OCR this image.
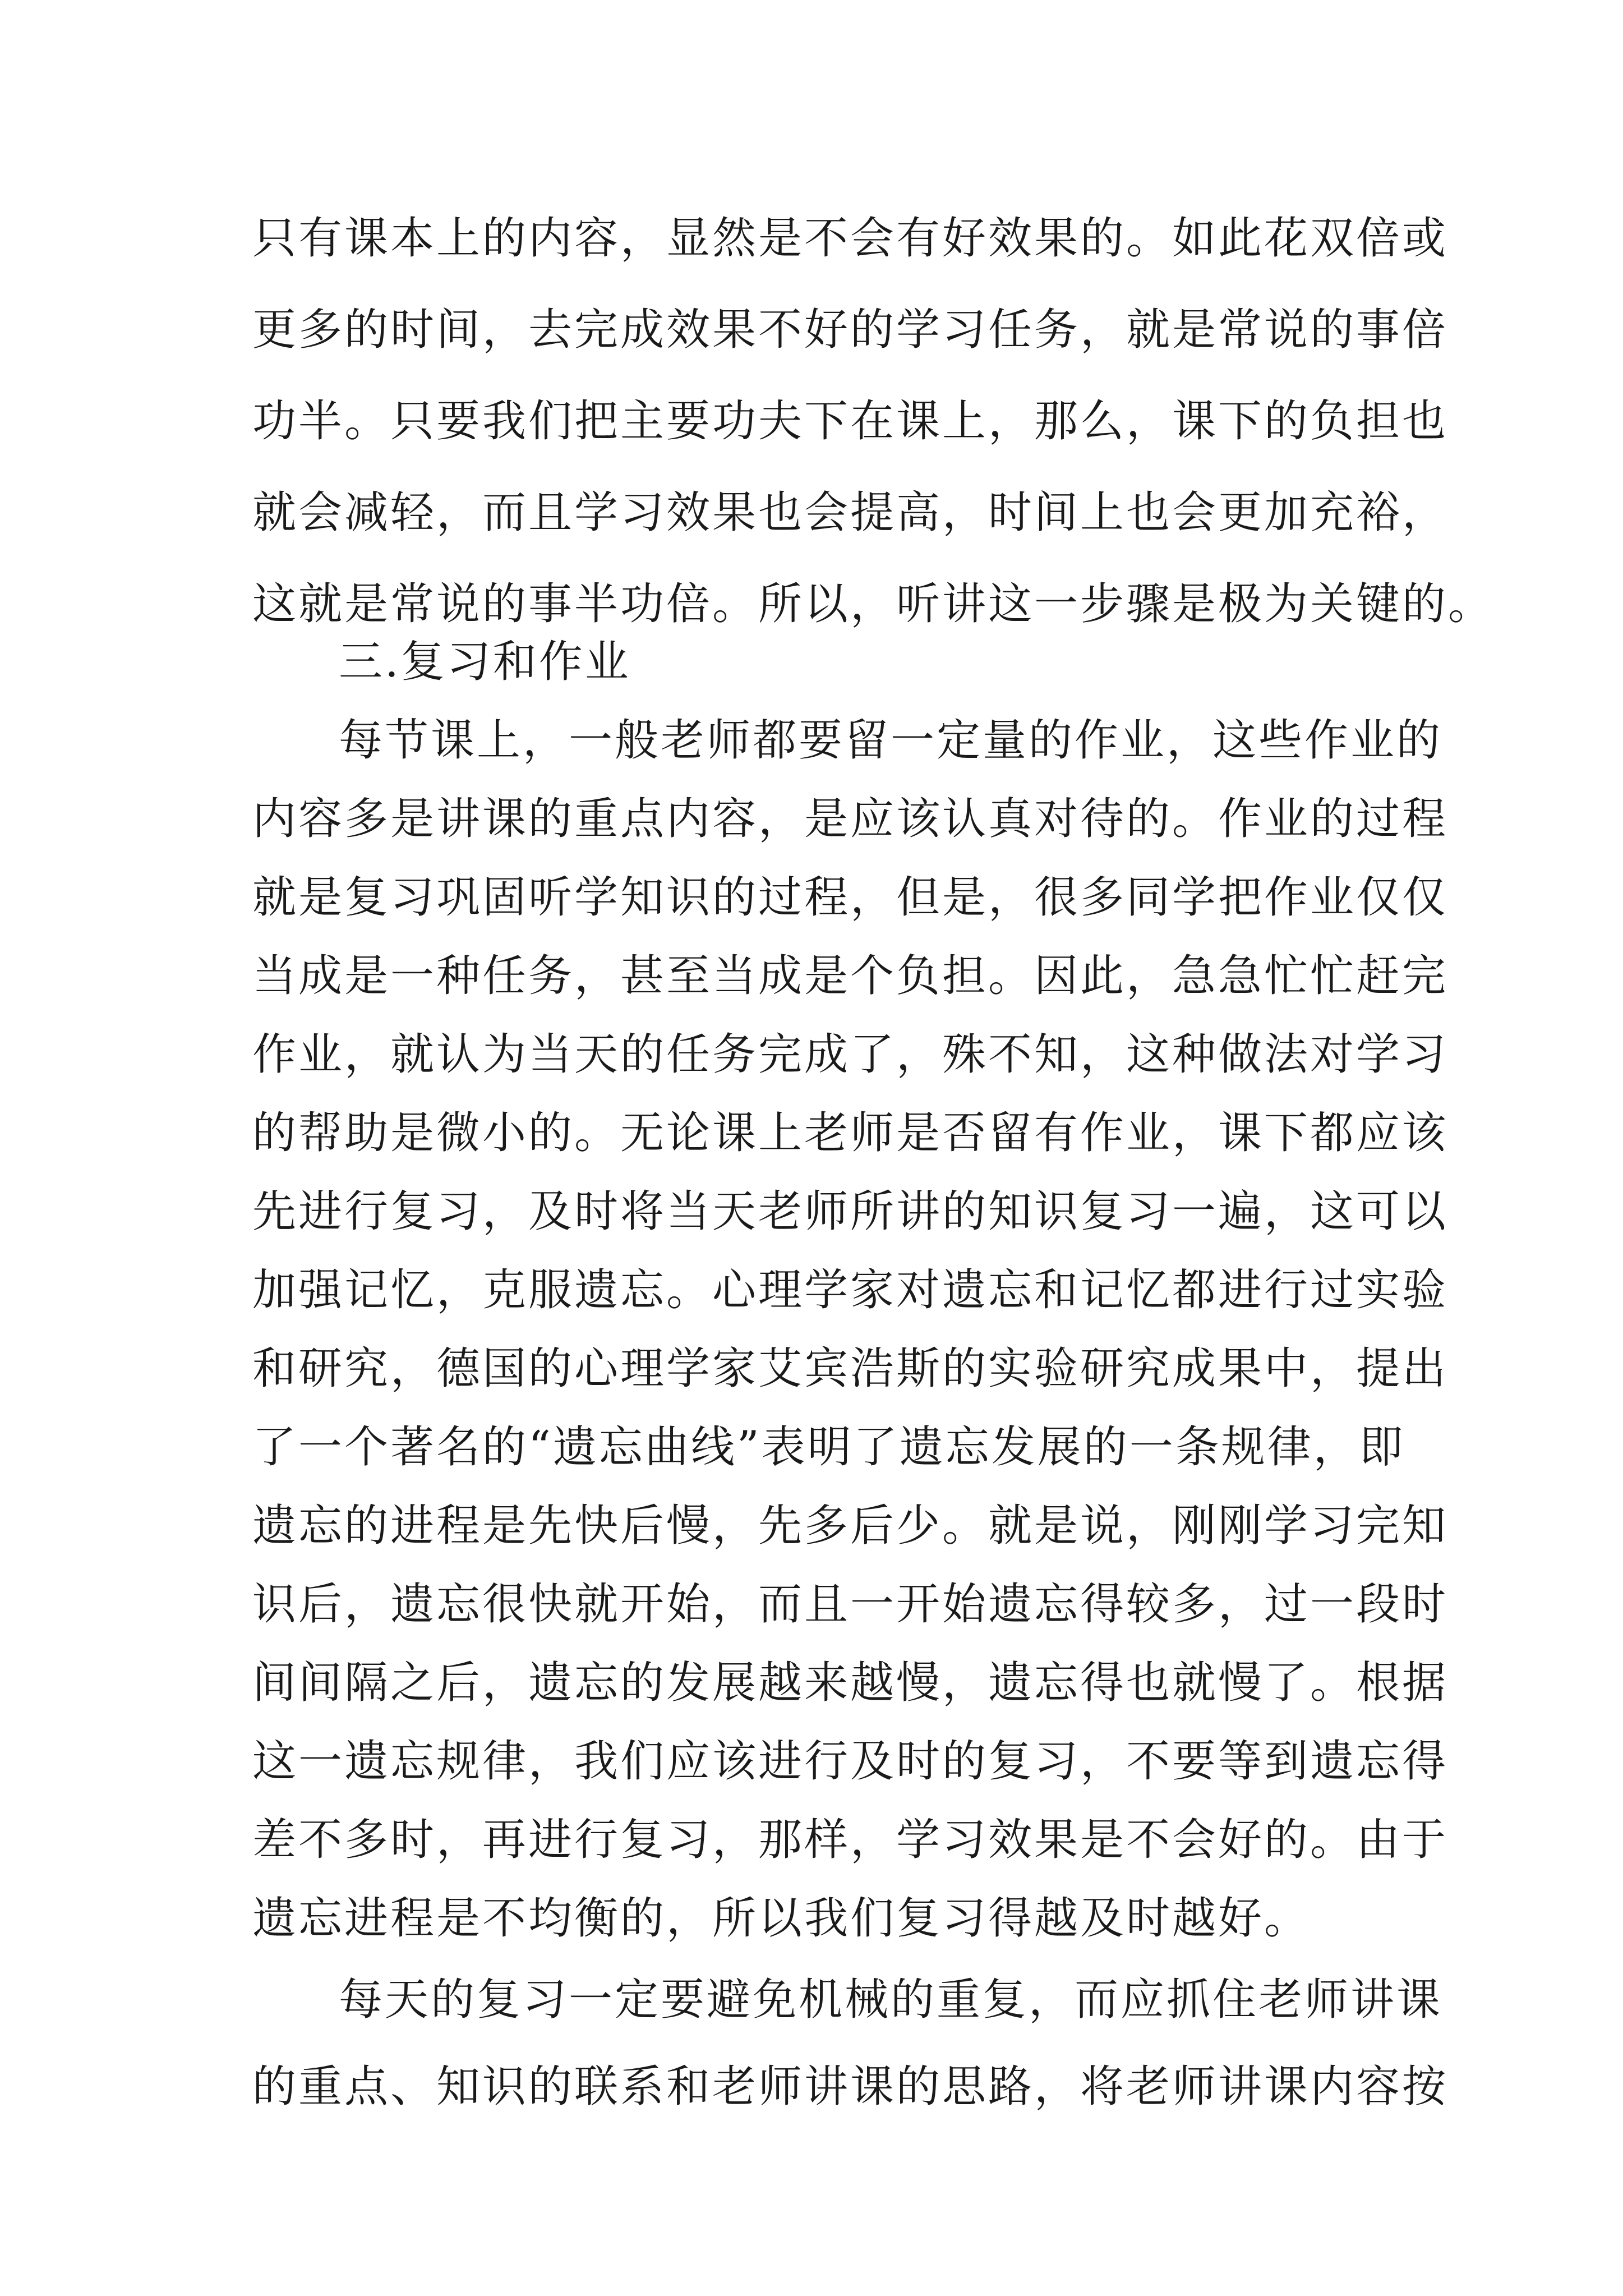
只有课本上的内容，显然是不会有好效果的。如此花双倍或
更多的时间，去完成效果不好的学习任务，就是常说的事倍
功半。只要我们把主要功夫下在课上，那么，课下的负担也
就会减轻，而且学习效果也会提高，时间上也会更加充裕，
这就是常说的事半功倍。所以，听讲这一步骤是极为关键的。
三.复习和作业
每节课上，一般老师都要留一定量的作业，这些作业的
内容多是讲课的重点内容，是应该认真对待的。作业的过程
就是复习巩固听学知识的过程，但是，很多同学把作业仅仅
当成是一种任务，甚至当成是个负担。因此，急急忙忙赶完
作业，就认为当天的任务完成了，殊不知，这种做法对学习
的帮助是微小的。无论课上老师是否留有作业，课下都应该
先进行复习，及时将当天老师所讲的知识复习一遍，这可以
加强记忆，克服遗忘。心理学家对遗忘和记忆都进行过实验
和研究，德国的心理学家艾宾浩斯的实验研究成果中，提出
了一个著名的“遗忘曲线”表明了遗忘发展的一条规律，即
遗忘的进程是先快后慢，先多后少。就是说，刚刚学习完知
识后，遗忘很快就开始，而且一开始遗忘得较多，过一段时
间间隔之后，遗忘的发展越来越慢，遗忘得也就慢了。根据
这一遗忘规律，我们应该进行及时的复习，不要等到遗忘得
差不多时，再进行复习，那样，学习效果是不会好的。由于
遗忘进程是不均衡的，所以我们复习得越及时越好。
每天的复习一定要避免机械的重复，而应抓住老师讲课
的重点、知识的联系和老师讲课的思路，将老师讲课内容按
